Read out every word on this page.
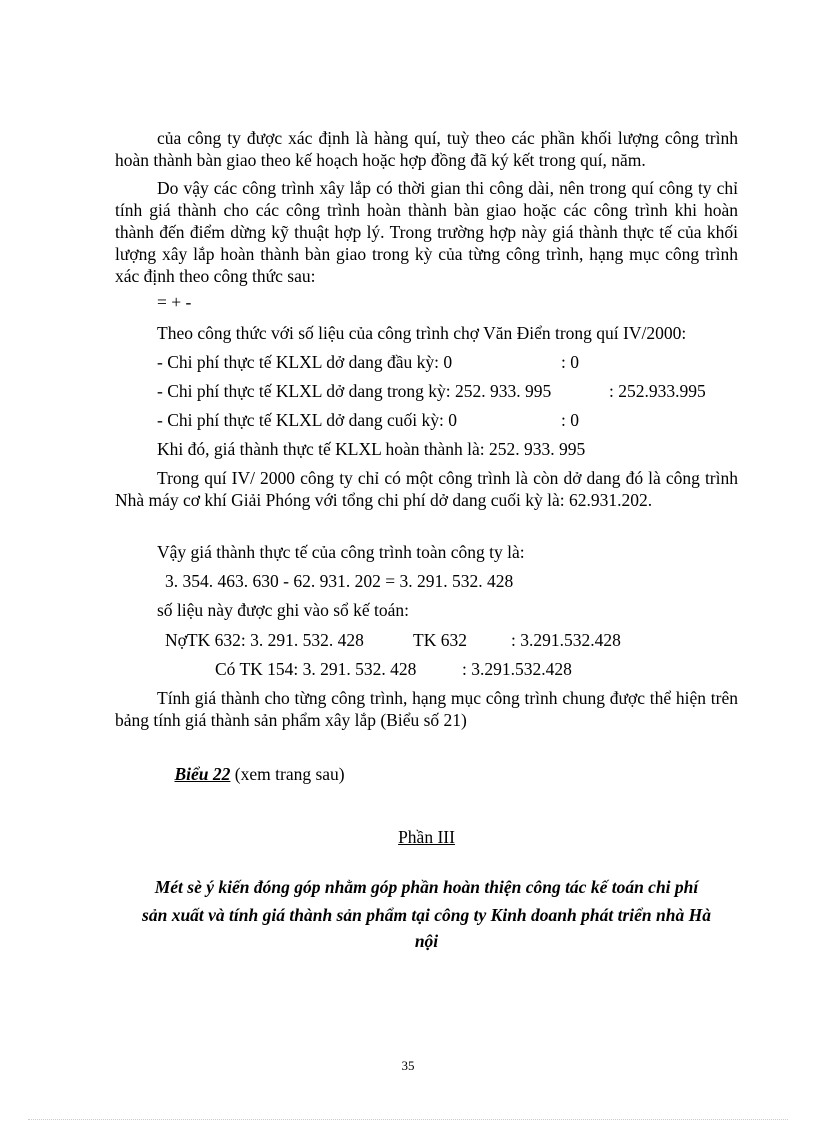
của công ty được xác định là hàng quí, tuỳ theo các phần khối lượng công trình hoàn thành bàn giao theo kế hoạch hoặc hợp đồng đã ký kết trong quí, năm.
Do vậy các công trình xây lắp có thời gian thi công dài, nên trong quí công ty chỉ tính giá thành cho các công trình hoàn thành bàn giao hoặc các công trình khi hoàn thành đến điểm dừng kỹ thuật hợp lý. Trong trường hợp này giá thành thực tế của khối lượng xây lắp hoàn thành bàn giao trong kỳ của từng công trình, hạng mục công trình xác định theo công thức sau:
= + -
Theo công thức với số liệu của công trình chợ Văn Điển trong quí IV/2000:
- Chi phí thực tế KLXL dở dang đầu kỳ: 0	: 0
- Chi phí thực tế KLXL dở dang trong kỳ: 252. 933. 995	: 252.933.995
- Chi phí thực tế KLXL dở dang cuối kỳ: 0	: 0
Khi đó, giá thành thực tế KLXL hoàn thành là: 252. 933. 995
Trong quí IV/ 2000 công ty chỉ có một công trình là còn dở dang đó là công trình Nhà máy cơ khí Giải Phóng với tổng chi phí dở dang cuối kỳ là: 62.931.202.
Vậy giá thành thực tế của công trình toàn công ty là:
3. 354. 463. 630 - 62. 931. 202 = 3. 291. 532. 428
số liệu này được ghi vào sổ kế toán:
NợTK 632: 3. 291. 532. 428	TK 632	: 3.291.532.428
Có TK 154: 3. 291. 532. 428	: 3.291.532.428
Tính giá thành cho từng công trình, hạng mục công trình chung được thể hiện trên bảng tính giá thành sản phẩm xây lắp (Biểu số 21)

Biểu 22 (xem trang sau)

Phần III
Mét sè ý kiến đóng góp nhằm góp phần hoàn thiện công tác kế toán chi phí
sản xuất và tính giá thành sản phẩm tại công ty Kinh doanh phát triển nhà Hà
nội
35
